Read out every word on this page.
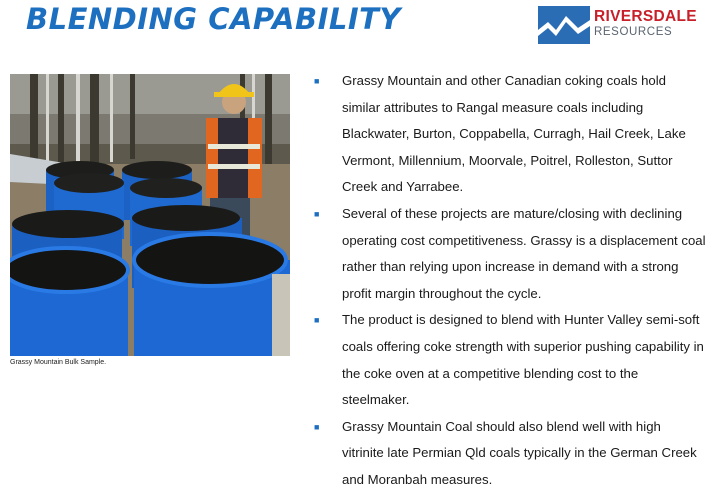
BLENDING CAPABILITY	RIVERSDALE
RESOURCES
Grassy Mountain Bulk Sample.
■ Grassy Mountain and other Canadian coking coals hold similar attributes to Rangal measure coals including Blackwater, Burton, Coppabella, Curragh, Hail Creek, Lake Vermont, Millennium, Moorvale, Poitrel, Rolleston, Suttor Creek and Yarrabee.
■ Several of these projects are mature/closing with declining operating cost competitiveness. Grassy is a displacement coal rather than relying upon increase in demand with a strong profit margin throughout the cycle.
■ The product is designed to blend with Hunter Valley semi-soft coals offering coke strength with superior pushing capability in the coke oven at a competitive blending cost to the steelmaker.
■ Grassy Mountain Coal should also blend well with high vitrinite late Permian Qld coals typically in the German Creek and Moranbah measures.
